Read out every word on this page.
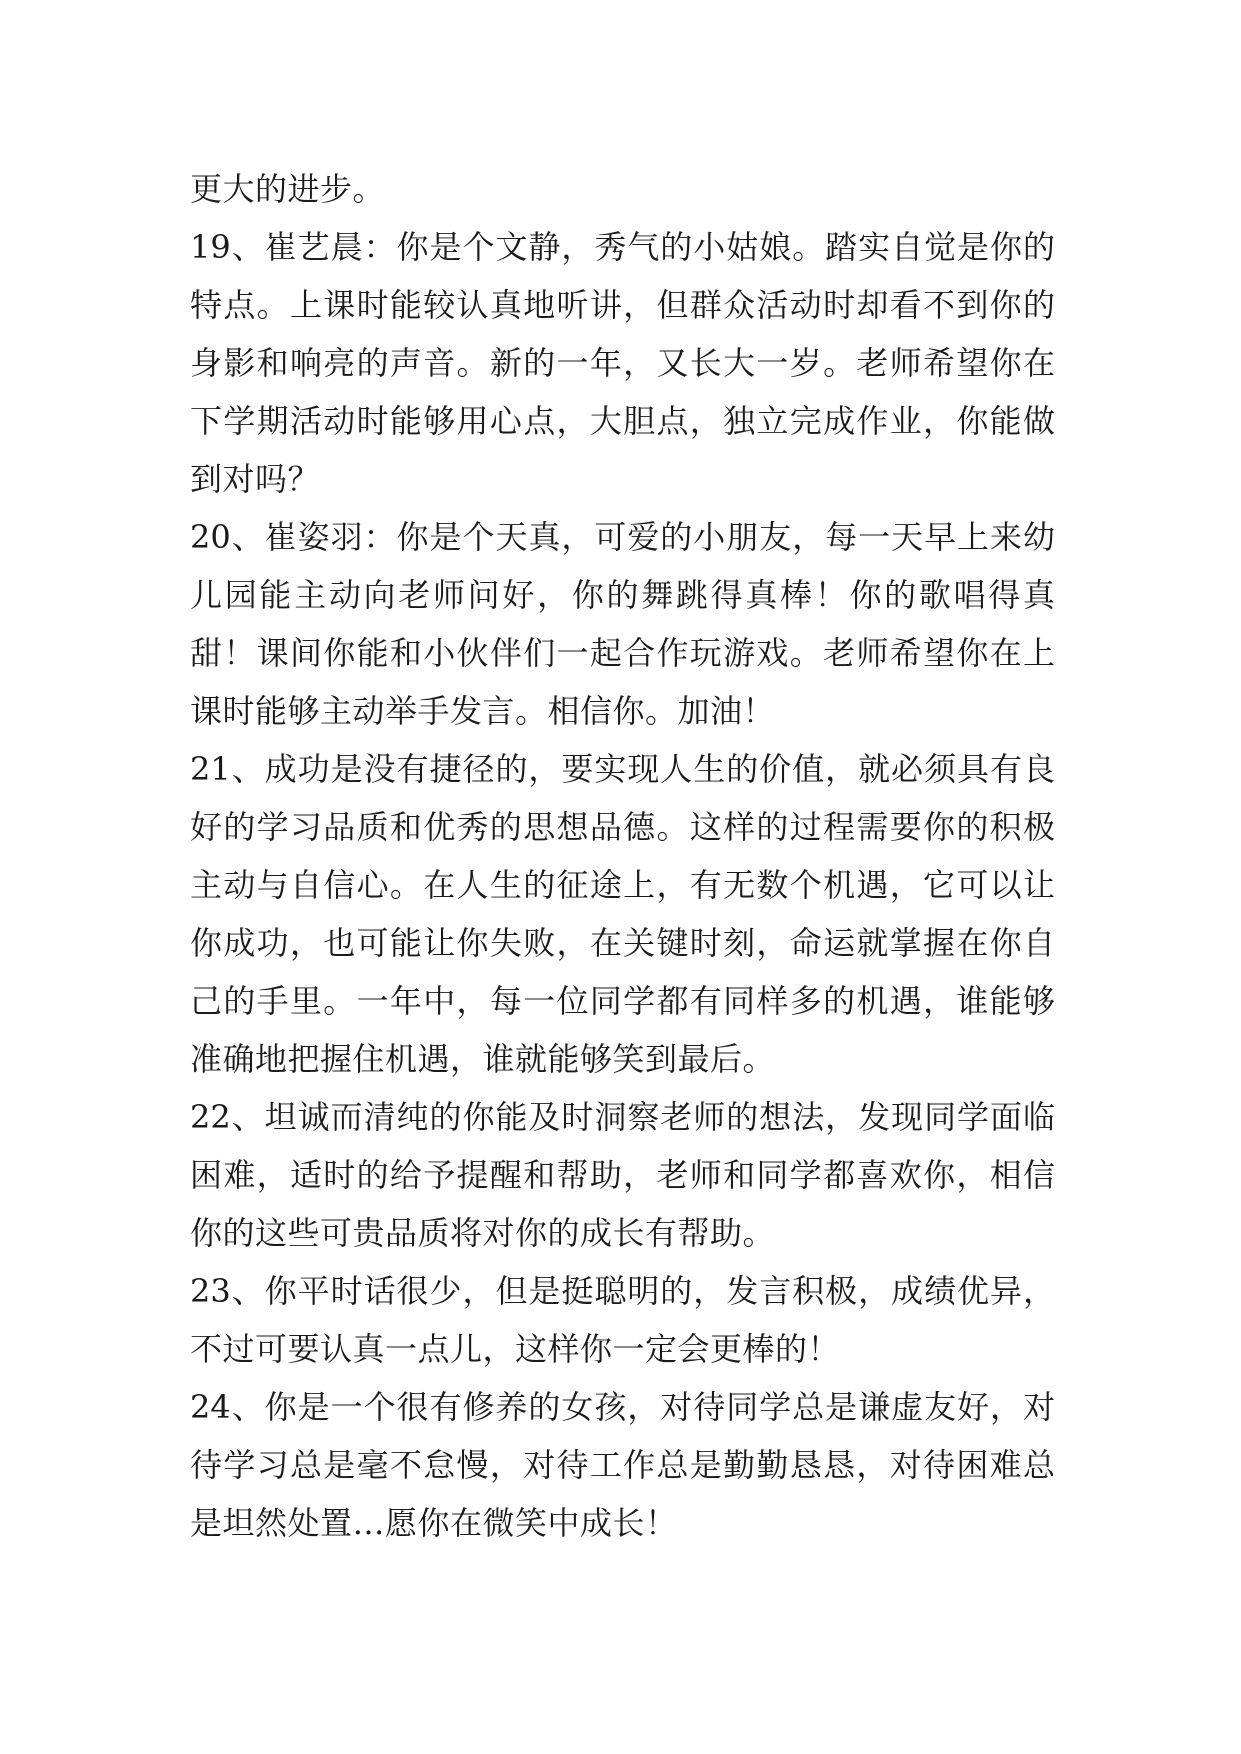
更大的进步。
19、崔艺晨：你是个文静，秀气的小姑娘。踏实自觉是你的
特点。上课时能较认真地听讲，但群众活动时却看不到你的
身影和响亮的声音。新的一年，又长大一岁。老师希望你在
下学期活动时能够用心点，大胆点，独立完成作业，你能做
到对吗？
20、崔姿羽：你是个天真，可爱的小朋友，每一天早上来幼
儿园能主动向老师问好，你的舞跳得真棒！你的歌唱得真
甜！课间你能和小伙伴们一起合作玩游戏。老师希望你在上
课时能够主动举手发言。相信你。加油！
21、成功是没有捷径的，要实现人生的价值，就必须具有良
好的学习品质和优秀的思想品德。这样的过程需要你的积极
主动与自信心。在人生的征途上，有无数个机遇，它可以让
你成功，也可能让你失败，在关键时刻，命运就掌握在你自
己的手里。一年中，每一位同学都有同样多的机遇，谁能够
准确地把握住机遇，谁就能够笑到最后。
22、坦诚而清纯的你能及时洞察老师的想法，发现同学面临
困难，适时的给予提醒和帮助，老师和同学都喜欢你，相信
你的这些可贵品质将对你的成长有帮助。
23、你平时话很少，但是挺聪明的，发言积极，成绩优异，
不过可要认真一点儿，这样你一定会更棒的！
24、你是一个很有修养的女孩，对待同学总是谦虚友好，对
待学习总是毫不怠慢，对待工作总是勤勤恳恳，对待困难总
是坦然处置…愿你在微笑中成长！
